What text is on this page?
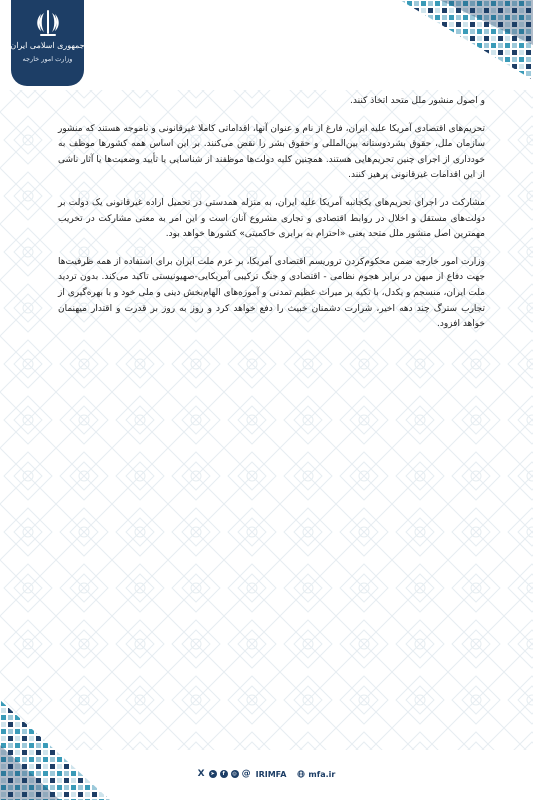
جمهوری اسلامی ایران
وزارت امور خارجه

و اصول منشور ملل متحد اتخاذ کنند.

تحریم‌های اقتصادی آمریکا علیه ایران، فارغ از نام و عنوان آنها، اقداماتی کاملا غیرقانونی و ناموجه هستند که منشور سازمان ملل، حقوق بشردوستانه بین‌المللی و حقوق بشر را نقض می‌کنند. بر این اساس همه کشورها موظف به خودداری از اجرای چنین تحریم‌هایی هستند. همچنین کلیه دولت‌ها موظفند از شناسایی یا تأیید وضعیت‌ها یا آثار ناشی از این اقدامات غیرقانونی پرهیز کنند.

مشارکت در اجرای تحریم‌های یکجانبه آمریکا علیه ایران، به منزله همدستی در تحمیل اراده غیرقانونی یک دولت بر دولت‌های مستقل و اخلال در روابط اقتصادی و تجاری مشروع آنان است و این امر به معنی مشارکت در تخریب مهمترین اصل منشور ملل متحد یعنی «احترام به برابری حاکمیتی» کشورها خواهد بود.

وزارت امور خارجه ضمن محکوم‌کردن تروریسم اقتصادی آمریکا، بر عزم ملت ایران برای استفاده از همه ظرفیت‌ها جهت دفاع از میهن در برابر هجوم نظامی - اقتصادی و جنگ ترکیبی آمریکایی-صهیونیستی تاکید می‌کند. بدون تردید ملت ایران، منسجم و یکدل، با تکیه بر میراث عظیم تمدنی و آموزه‌های الهام‌بخش دینی و ملی خود و با بهره‌گیری از تجارب سترگ چند دهه اخیر، شرارت دشمنان خبیث را دفع خواهد کرد و روز به روز بر قدرت و اقتدار میهنمان خواهد افزود.

X	➤	f	◎ @ IRIMFA	mfa.ir
